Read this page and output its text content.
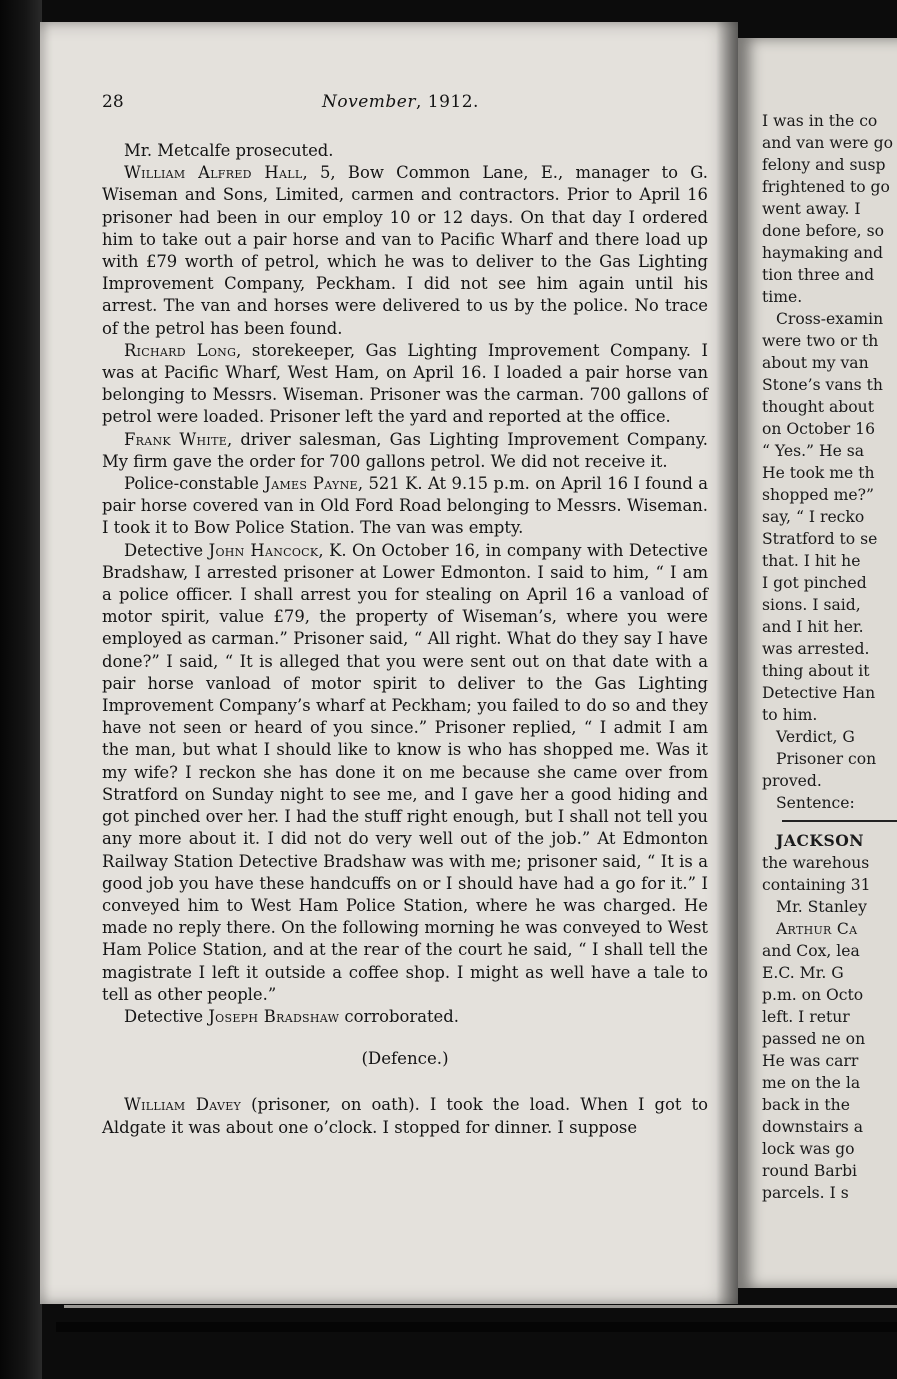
28	November, 1912.

Mr. Metcalfe prosecuted.

William Alfred Hall, 5, Bow Common Lane, E., manager to G. Wiseman and Sons, Limited, carmen and contractors. Prior to April 16 prisoner had been in our employ 10 or 12 days. On that day I ordered him to take out a pair horse and van to Pacific Wharf and there load up with £79 worth of petrol, which he was to deliver to the Gas Lighting Improvement Company, Peckham. I did not see him again until his arrest. The van and horses were delivered to us by the police. No trace of the petrol has been found.

Richard Long, storekeeper, Gas Lighting Improvement Company. I was at Pacific Wharf, West Ham, on April 16. I loaded a pair horse van belonging to Messrs. Wiseman. Prisoner was the carman. 700 gallons of petrol were loaded. Prisoner left the yard and reported at the office.

Frank White, driver salesman, Gas Lighting Improvement Company. My firm gave the order for 700 gallons petrol. We did not receive it.

Police-constable James Payne, 521 K. At 9.15 p.m. on April 16 I found a pair horse covered van in Old Ford Road belonging to Messrs. Wiseman. I took it to Bow Police Station. The van was empty.

Detective John Hancock, K. On October 16, in company with Detective Bradshaw, I arrested prisoner at Lower Edmonton. I said to him, “ I am a police officer. I shall arrest you for stealing on April 16 a vanload of motor spirit, value £79, the property of Wiseman’s, where you were employed as carman.” Prisoner said, “ All right. What do they say I have done?” I said, “ It is alleged that you were sent out on that date with a pair horse vanload of motor spirit to deliver to the Gas Lighting Improvement Company’s wharf at Peckham; you failed to do so and they have not seen or heard of you since.” Prisoner replied, “ I admit I am the man, but what I should like to know is who has shopped me. Was it my wife? I reckon she has done it on me because she came over from Stratford on Sunday night to see me, and I gave her a good hiding and got pinched over her. I had the stuff right enough, but I shall not tell you any more about it. I did not do very well out of the job.” At Edmonton Railway Station Detective Bradshaw was with me; prisoner said, “ It is a good job you have these handcuffs on or I should have had a go for it.” I conveyed him to West Ham Police Station, where he was charged. He made no reply there. On the following morning he was conveyed to West Ham Police Station, and at the rear of the court he said, “ I shall tell the magistrate I left it outside a coffee shop. I might as well have a tale to tell as other people.”

Detective Joseph Bradshaw corroborated.

(Defence.)

William Davey (prisoner, on oath). I took the load. When I got to Aldgate it was about one o’clock. I stopped for dinner. I suppose

I was in the co
and van were go
felony and susp
frightened to go
went away. I
done before, so
haymaking and
tion three and
time.
Cross-examin
were two or th
about my van
Stone’s vans th
thought about
on October 16
“ Yes.” He sa
He took me th
shopped me?”
say, “ I recko
Stratford to se
that. I hit he
I got pinched
sions. I said,
and I hit her.
was arrested.
thing about it
Detective Han
to him.
Verdict, G
Prisoner con
proved.
Sentence:
JACKSON
the warehous
containing 31
Mr. Stanley
Arthur Ca
and Cox, lea
E.C. Mr. G
p.m. on Octo
left. I retur
passed ne on
He was carr
me on the la
back in the
downstairs a
lock was go
round Barbi
parcels. I s
